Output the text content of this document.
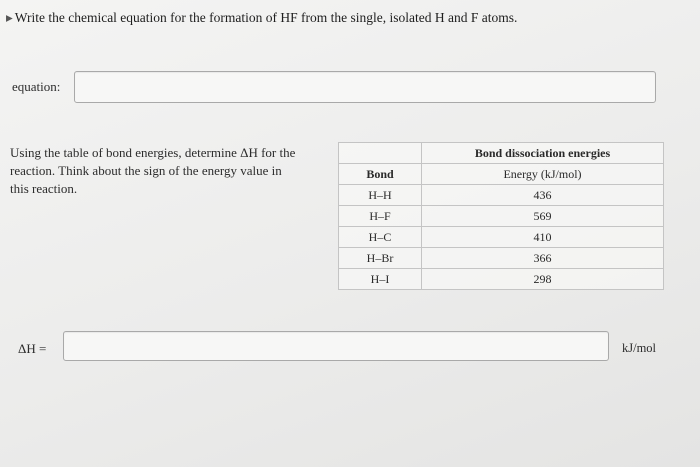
▸ Write the chemical equation for the formation of HF from the single, isolated H and F atoms.
equation:

Using the table of bond energies, determine ΔH for the

reaction. Think about the sign of the energy value in

this reaction.

	Bond dissociation energies
Bond	Energy (kJ/mol)
H–H	436
H–F	569
H–C	410
H–Br	366
H–I	298
ΔH =	kJ/mol
